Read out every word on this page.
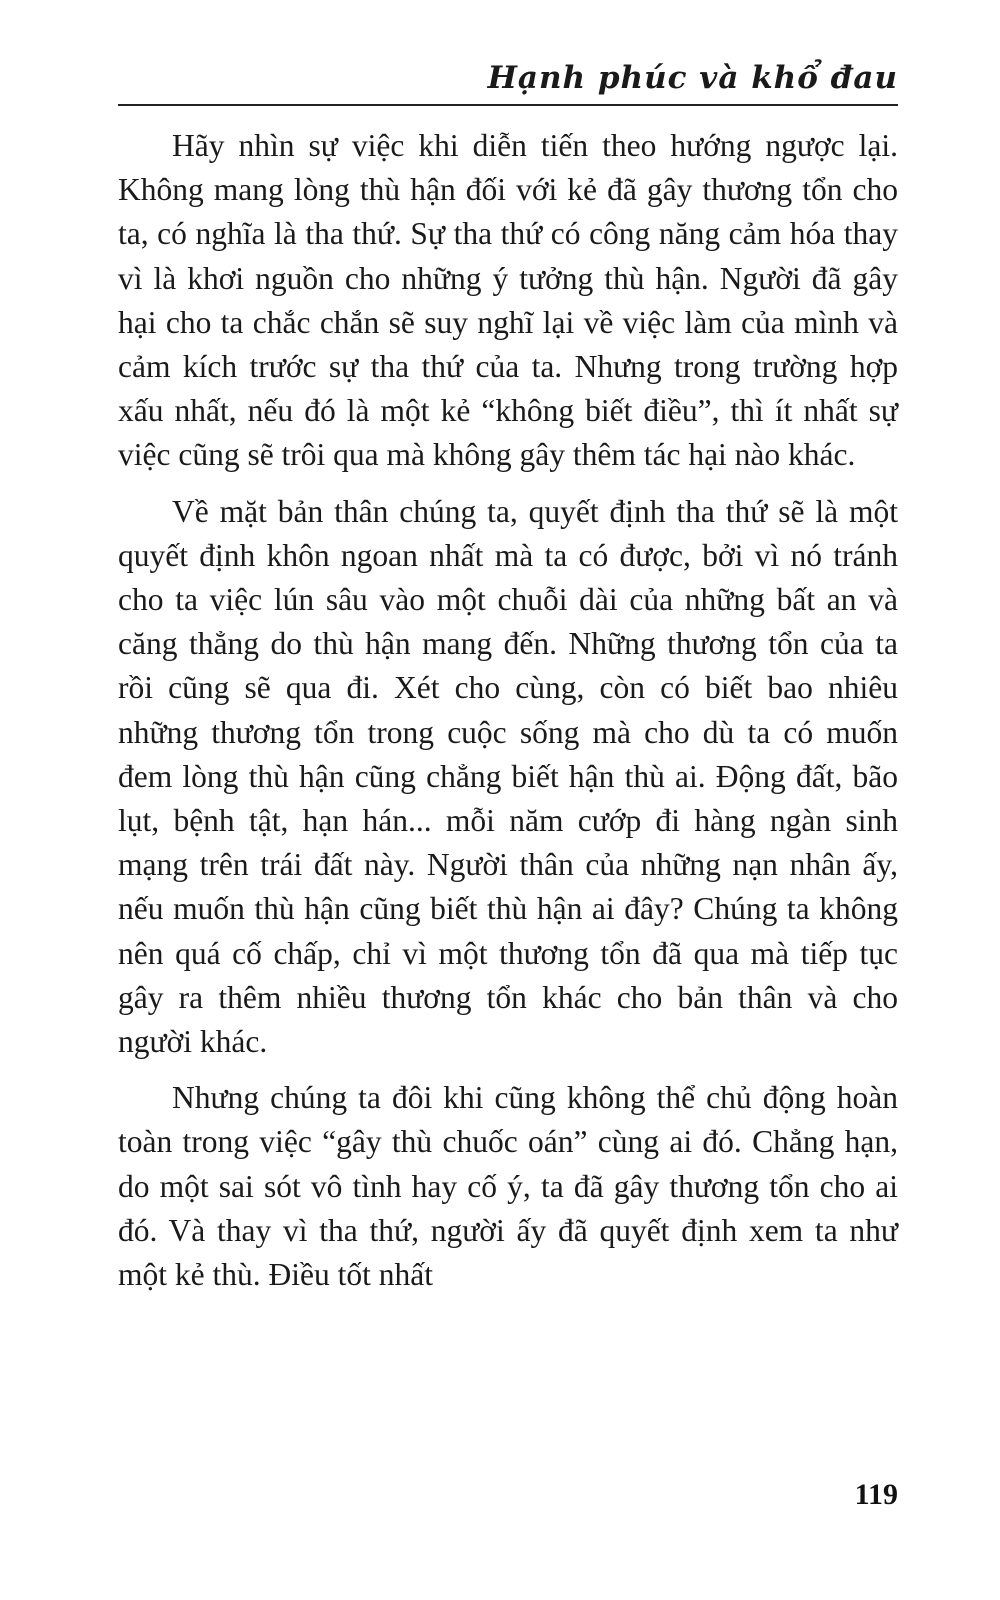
Hạnh phúc và khổ đau

Hãy nhìn sự việc khi diễn tiến theo hướng ngược lại. Không mang lòng thù hận đối với kẻ đã gây thương tổn cho ta, có nghĩa là tha thứ. Sự tha thứ có công năng cảm hóa thay vì là khơi nguồn cho những ý tưởng thù hận. Người đã gây hại cho ta chắc chắn sẽ suy nghĩ lại về việc làm của mình và cảm kích trước sự tha thứ của ta. Nhưng trong trường hợp xấu nhất, nếu đó là một kẻ “không biết điều”, thì ít nhất sự việc cũng sẽ trôi qua mà không gây thêm tác hại nào khác.

Về mặt bản thân chúng ta, quyết định tha thứ sẽ là một quyết định khôn ngoan nhất mà ta có được, bởi vì nó tránh cho ta việc lún sâu vào một chuỗi dài của những bất an và căng thẳng do thù hận mang đến. Những thương tổn của ta rồi cũng sẽ qua đi. Xét cho cùng, còn có biết bao nhiêu những thương tổn trong cuộc sống mà cho dù ta có muốn đem lòng thù hận cũng chẳng biết hận thù ai. Động đất, bão lụt, bệnh tật, hạn hán... mỗi năm cướp đi hàng ngàn sinh mạng trên trái đất này. Người thân của những nạn nhân ấy, nếu muốn thù hận cũng biết thù hận ai đây? Chúng ta không nên quá cố chấp, chỉ vì một thương tổn đã qua mà tiếp tục gây ra thêm nhiều thương tổn khác cho bản thân và cho người khác.

Nhưng chúng ta đôi khi cũng không thể chủ động hoàn toàn trong việc “gây thù chuốc oán” cùng ai đó. Chẳng hạn, do một sai sót vô tình hay cố ý, ta đã gây thương tổn cho ai đó. Và thay vì tha thứ, người ấy đã quyết định xem ta như một kẻ thù. Điều tốt nhất

119
